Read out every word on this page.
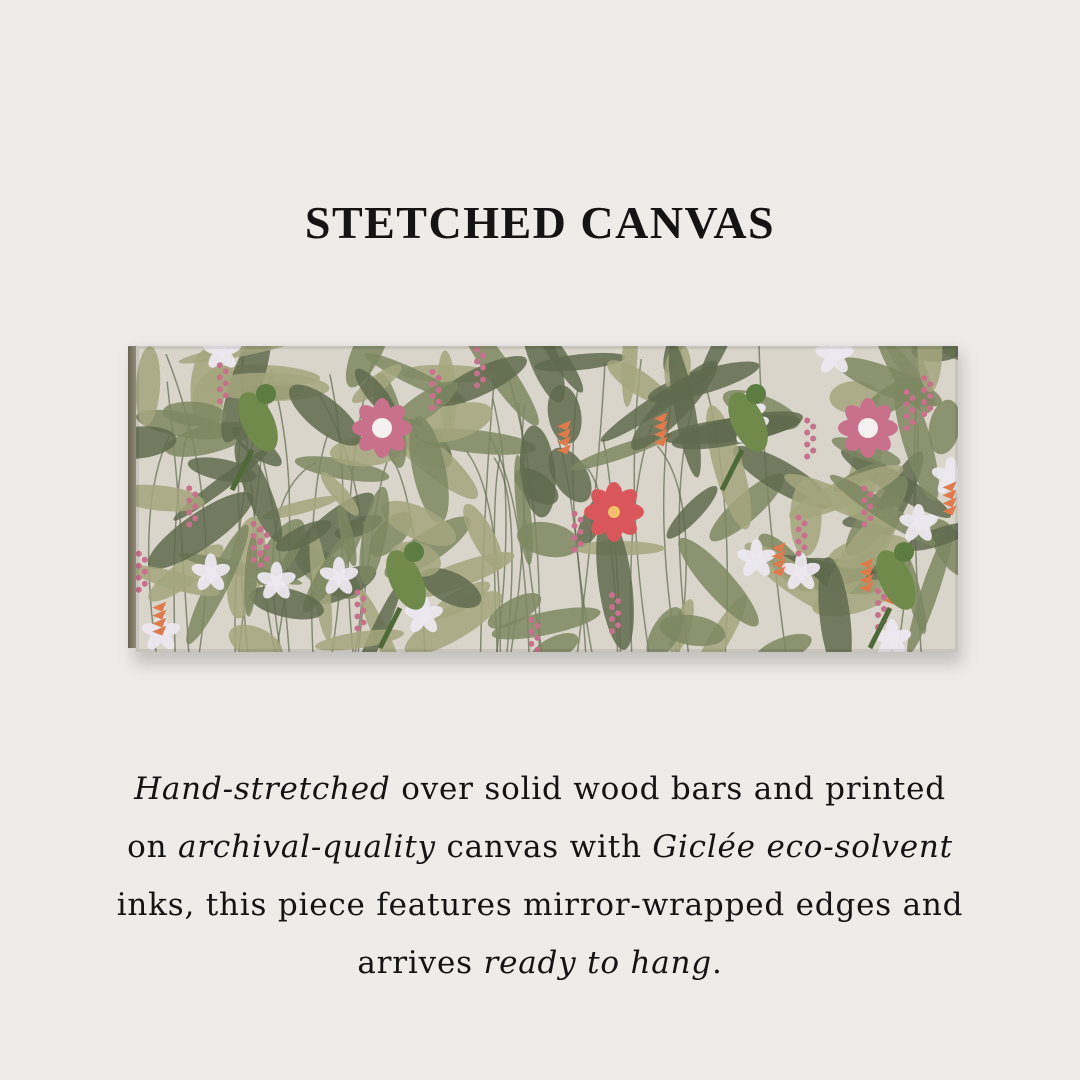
STETCHED CANVAS

Hand-stretched over solid wood bars and printed
on archival-quality canvas with Giclée eco-solvent
inks, this piece features mirror-wrapped edges and
arrives ready to hang.
